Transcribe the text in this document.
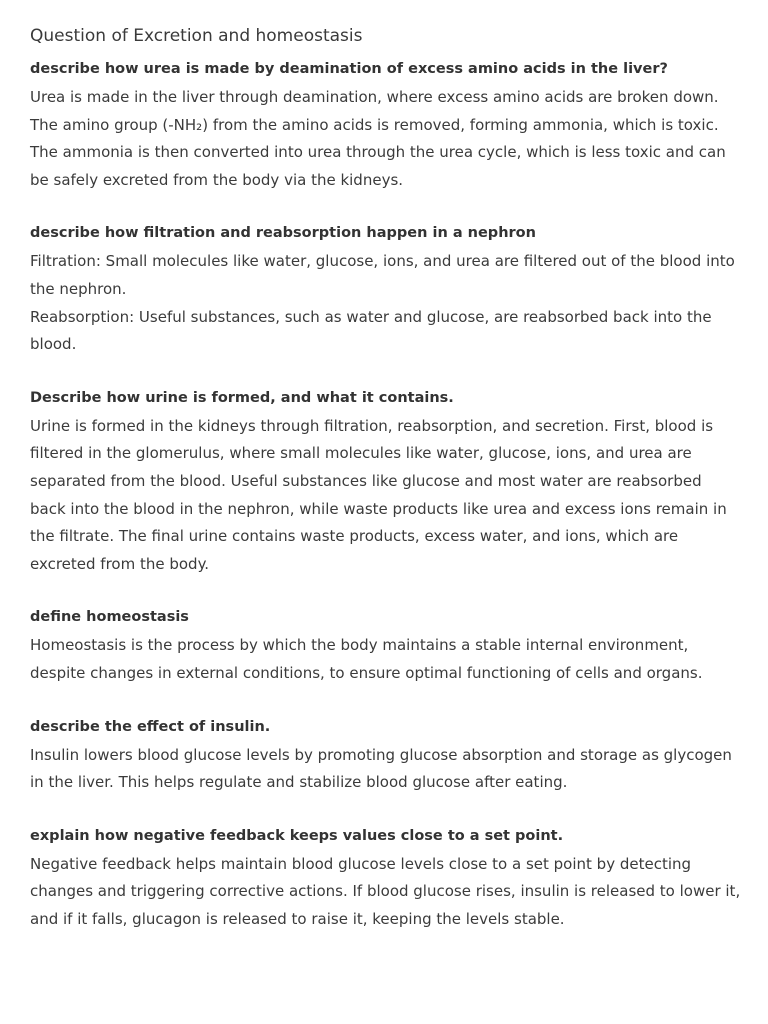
Question of Excretion and homeostasis

describe how urea is made by deamination of excess amino acids in the liver?

Urea is made in the liver through deamination, where excess amino acids are broken down. The amino group (-NH₂) from the amino acids is removed, forming ammonia, which is toxic. The ammonia is then converted into urea through the urea cycle, which is less toxic and can be safely excreted from the body via the kidneys.

describe how filtration and reabsorption happen in a nephron

Filtration: Small molecules like water, glucose, ions, and urea are filtered out of the blood into the nephron.

Reabsorption: Useful substances, such as water and glucose, are reabsorbed back into the blood.

Describe how urine is formed, and what it contains.

Urine is formed in the kidneys through filtration, reabsorption, and secretion. First, blood is filtered in the glomerulus, where small molecules like water, glucose, ions, and urea are separated from the blood. Useful substances like glucose and most water are reabsorbed back into the blood in the nephron, while waste products like urea and excess ions remain in the filtrate. The final urine contains waste products, excess water, and ions, which are excreted from the body.

define homeostasis

Homeostasis is the process by which the body maintains a stable internal environment, despite changes in external conditions, to ensure optimal functioning of cells and organs.

describe the effect of insulin.

Insulin lowers blood glucose levels by promoting glucose absorption and storage as glycogen in the liver. This helps regulate and stabilize blood glucose after eating.

explain how negative feedback keeps values close to a set point.

Negative feedback helps maintain blood glucose levels close to a set point by detecting changes and triggering corrective actions. If blood glucose rises, insulin is released to lower it, and if it falls, glucagon is released to raise it, keeping the levels stable.
